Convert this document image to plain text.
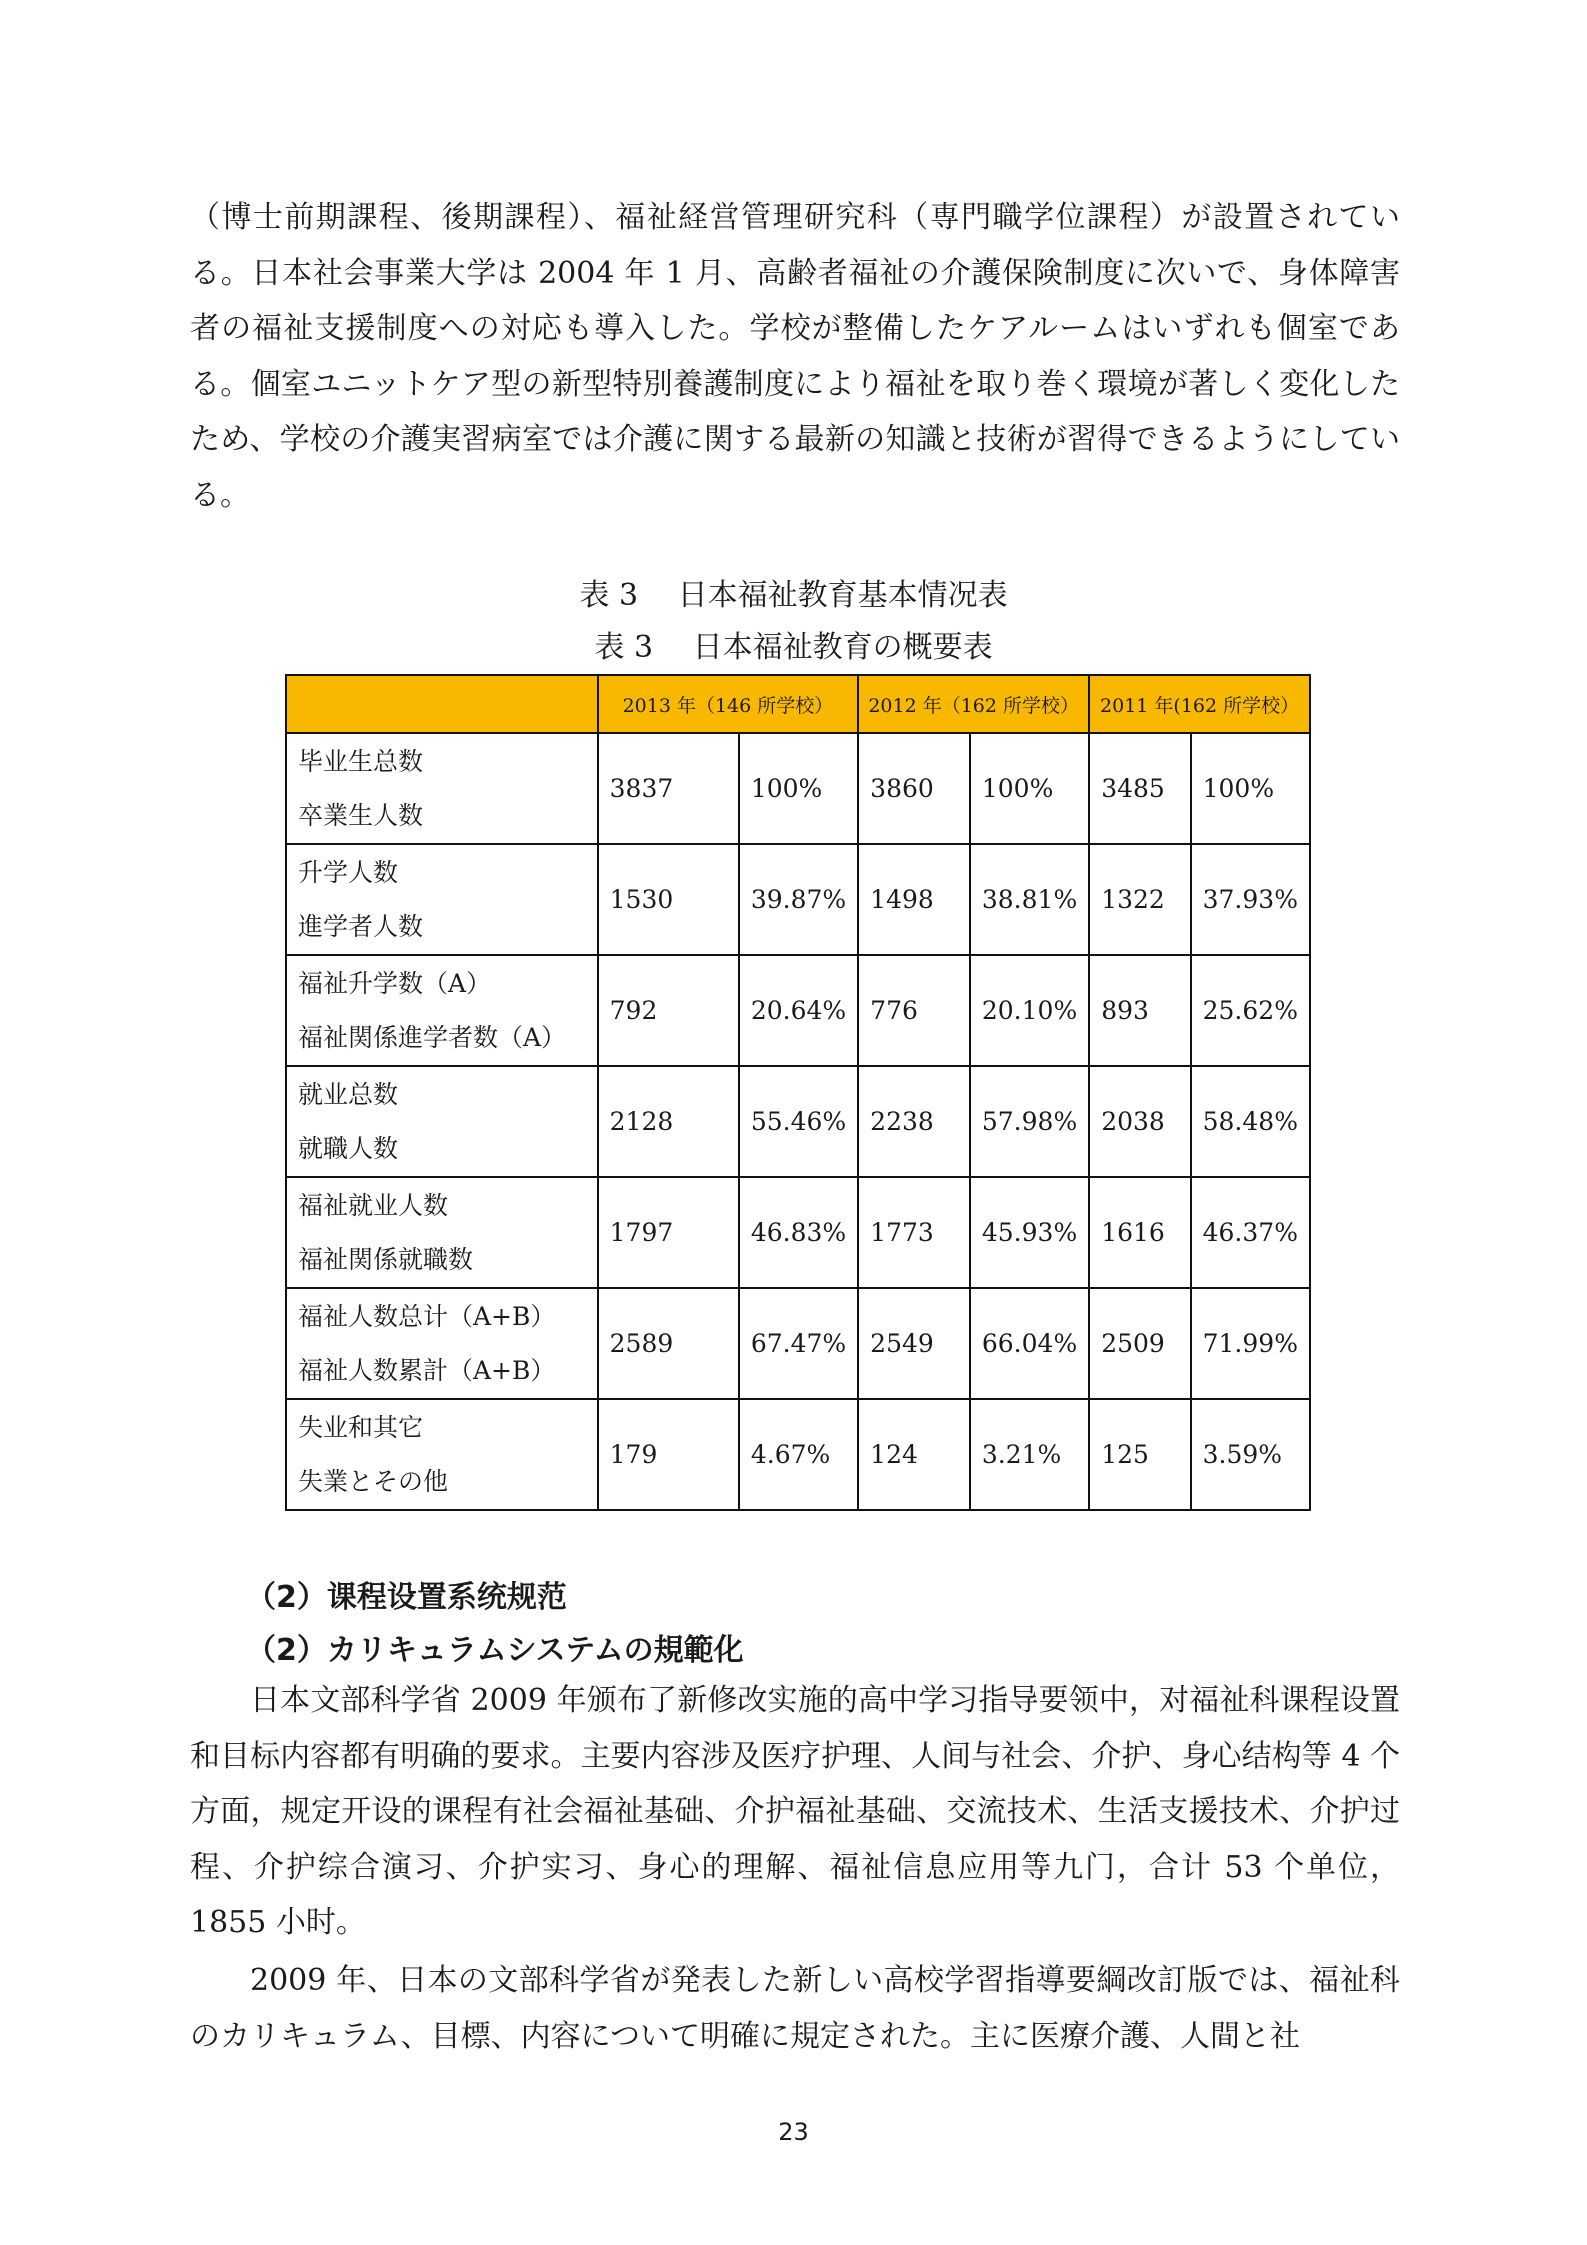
（博士前期課程、後期課程）、福祉経営管理研究科（専門職学位課程）が設置されている。日本社会事業大学は 2004 年 1 月、高齢者福祉の介護保険制度に次いで、身体障害者の福祉支援制度への対応も導入した。学校が整備したケアルームはいずれも個室である。個室ユニットケア型の新型特別養護制度により福祉を取り巻く環境が著しく変化したため、学校の介護実習病室では介護に関する最新の知識と技術が習得できるようにしている。

表 3　 日本福祉教育基本情况表

表 3　 日本福祉教育の概要表

	2013 年（146 所学校）		2012 年（162 所学校）		2011 年(162 所学校）	

毕业生总数
卒業生人数	3837	100%	3860	100%	3485	100%

升学人数
進学者人数	1530	39.87%	1498	38.81%	1322	37.93%

福祉升学数（A）
福祉関係進学者数（A）	792	20.64%	776	20.10%	893	25.62%

就业总数
就職人数	2128	55.46%	2238	57.98%	2038	58.48%

福祉就业人数
福祉関係就職数	1797	46.83%	1773	45.93%	1616	46.37%

福祉人数总计（A+B）
福祉人数累計（A+B）	2589	67.47%	2549	66.04%	2509	71.99%

失业和其它
失業とその他	179	4.67%	124	3.21%	125	3.59%

（2）课程设置系统规范

（2）カリキュラムシステムの規範化

日本文部科学省 2009 年颁布了新修改实施的高中学习指导要领中，对福祉科课程设置和目标内容都有明确的要求。主要内容涉及医疗护理、人间与社会、介护、身心结构等 4 个方面，规定开设的课程有社会福祉基础、介护福祉基础、交流技术、生活支援技术、介护过程、介护综合演习、介护实习、身心的理解、福祉信息应用等九门，合计 53 个单位，1855 小时。

2009 年、日本の文部科学省が発表した新しい高校学習指導要綱改訂版では、福祉科のカリキュラム、目標、内容について明確に規定された。主に医療介護、人間と社

23
